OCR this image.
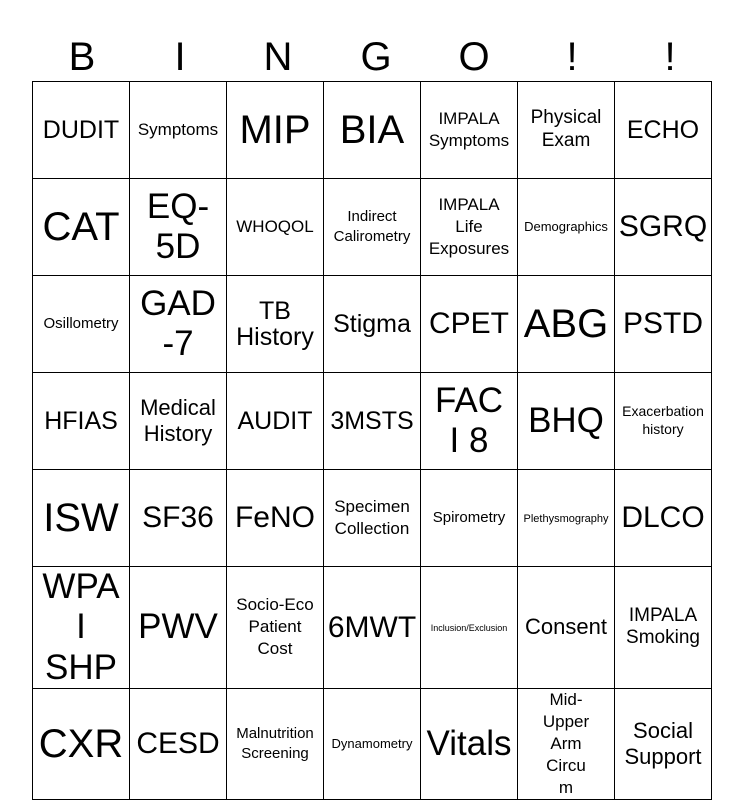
B	I	N	G	O	!	!
DUDIT	Symptoms	MIP	BIA	IMPALA Symptoms	Physical Exam	ECHO
CAT	EQ-5D	WHOQOL	Indirect Calirometry	IMPALA Life Exposures	Demographics	SGRQ
Osillometry	GAD-7	TB History	Stigma	CPET	ABG	PSTD
HFIAS	Medical History	AUDIT	3MSTS	FACI 8	BHQ	Exacerbation history
ISW	SF36	FeNO	Specimen Collection	Spirometry	Plethysmography	DLCO
WPAI SHP	PWV	Socio-Eco Patient Cost	6MWT	Inclusion/Exclusion	Consent	IMPALA Smoking
CXR	CESD	Malnutrition Screening	Dynamometry	Vitals	Mid-Upper Arm Circum	Social Support
